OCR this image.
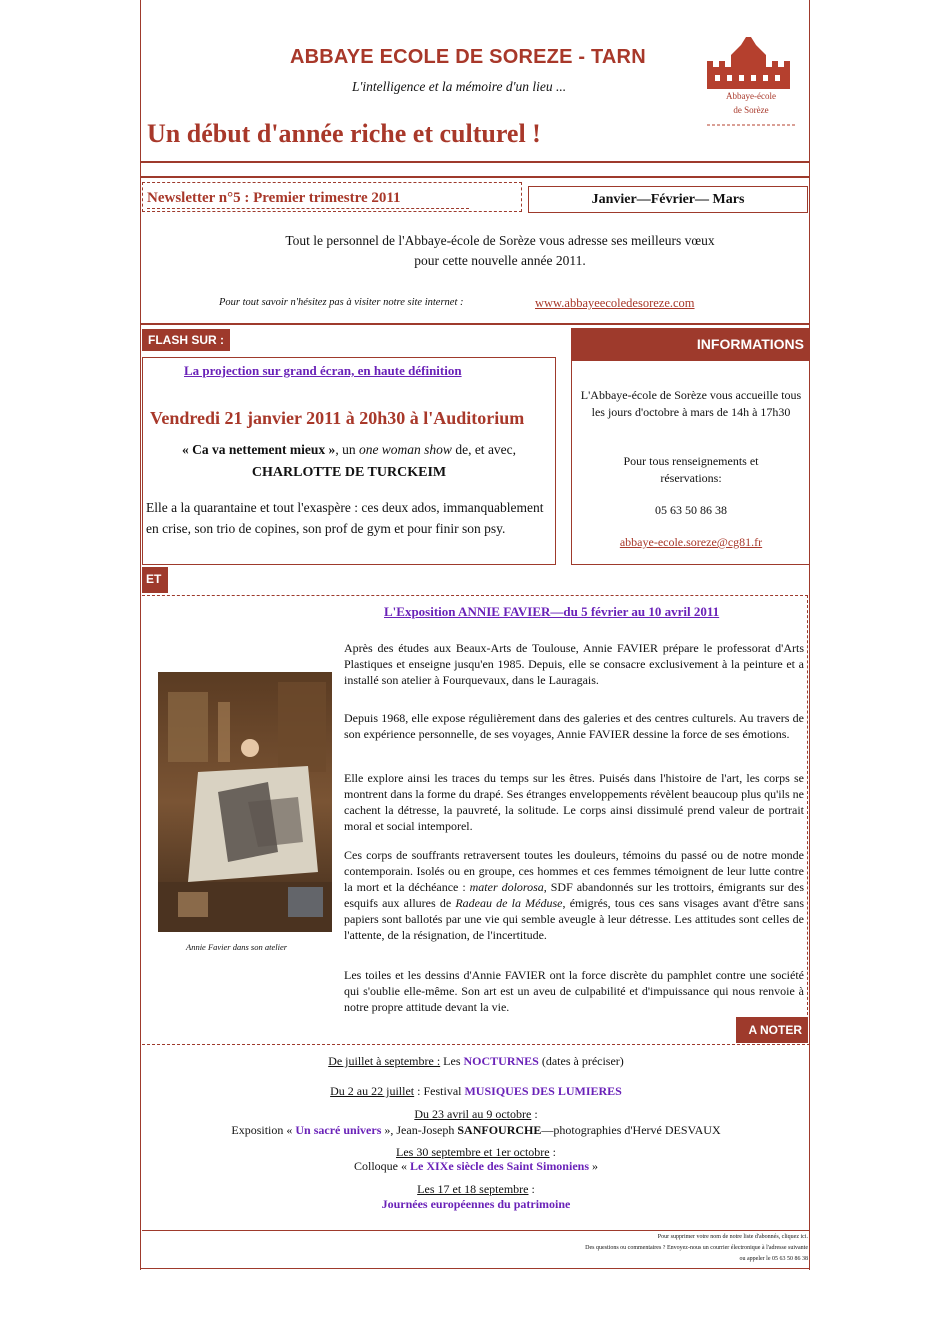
ABBAYE ECOLE DE SOREZE - TARN
L'intelligence et la mémoire d'un lieu ...
Un début d'année riche et culturel !
Abbaye-école
de Sorèze
Newsletter n°5 : Premier trimestre 2011	Janvier—Février— Mars
Tout le personnel de l'Abbaye-école de Sorèze vous adresse ses meilleurs vœux
pour cette nouvelle année 2011.
Pour tout savoir n'hésitez pas à visiter notre site internet :	www.abbayeecoledesoreze.com
FLASH SUR :
La projection sur grand écran, en haute définition
Vendredi 21 janvier 2011 à 20h30 à l'Auditorium
« Ca va nettement mieux », un one woman show de, et avec,
CHARLOTTE DE TURCKEIM
Elle a la quarantaine et tout l'exaspère : ces deux ados, immanquablement en crise, son trio de copines, son prof de gym et pour finir son psy.
INFORMATIONS
L'Abbaye-école de Sorèze vous accueille tous les jours d'octobre à mars de 14h à 17h30
Pour tous renseignements et réservations:
05 63 50 86 38
abbaye-ecole.soreze@cg81.fr
ET
L'Exposition ANNIE FAVIER—du 5 février au 10 avril 2011
Annie Favier dans son atelier
Après des études aux Beaux-Arts de Toulouse, Annie FAVIER prépare le professorat d'Arts Plastiques et enseigne jusqu'en 1985. Depuis, elle se consacre exclusivement à la peinture et a installé son atelier à Fourquevaux, dans le Lauragais.
Depuis 1968, elle expose régulièrement dans des galeries et des centres culturels. Au travers de son expérience personnelle, de ses voyages, Annie FAVIER dessine la force de ses émotions.
Elle explore ainsi les traces du temps sur les êtres. Puisés dans l'histoire de l'art, les corps se montrent dans la forme du drapé. Ses étranges enveloppements révèlent beaucoup plus qu'ils ne cachent la détresse, la pauvreté, la solitude. Le corps ainsi dissimulé prend valeur de portrait moral et social intemporel.
Ces corps de souffrants retraversent toutes les douleurs, témoins du passé ou de notre monde contemporain. Isolés ou en groupe, ces hommes et ces femmes témoignent de leur lutte contre la mort et la déchéance : mater dolorosa, SDF abandonnés sur les trottoirs, émigrants sur des esquifs aux allures de Radeau de la Méduse, émigrés, tous ces sans visages avant d'être sans papiers sont ballotés par une vie qui semble aveugle à leur détresse. Les attitudes sont celles de l'attente, de la résignation, de l'incertitude.
Les toiles et les dessins d'Annie FAVIER ont la force discrète du pamphlet contre une société qui s'oublie elle-même. Son art est un aveu de culpabilité et d'impuissance qui nous renvoie à notre propre attitude devant la vie.
A NOTER
De juillet à septembre : Les NOCTURNES (dates à préciser)
Du 2 au 22 juillet : Festival MUSIQUES DES LUMIERES
Du 23 avril au 9 octobre :
Exposition « Un sacré univers », Jean-Joseph SANFOURCHE—photographies d'Hervé DESVAUX
Les 30 septembre et 1er octobre :
Colloque « Le XIXe siècle des Saint Simoniens »
Les 17 et 18 septembre :
Journées européennes du patrimoine
Pour supprimer votre nom de notre liste d'abonnés, cliquez ici.
Des questions ou commentaires ? Envoyez-nous un courrier électronique à l'adresse suivante
ou appeler le 05 63 50 86 38
